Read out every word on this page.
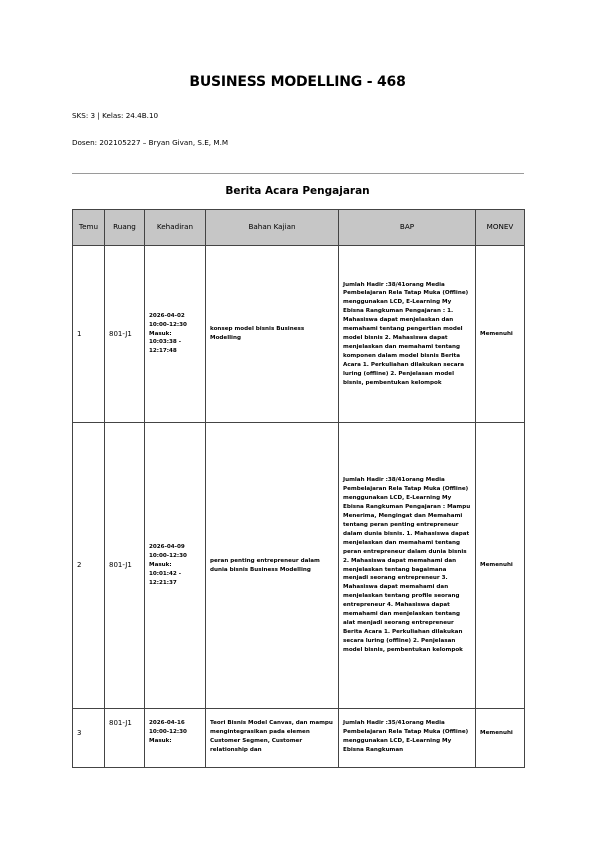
BUSINESS MODELLING - 468
SKS: 3 | Kelas: 24.4B.10
Dosen: 202105227 – Bryan Givan, S.E, M.M
Berita Acara Pengajaran
Temu	Ruang	Kehadiran	Bahan Kajian	BAP	MONEV
1	801-J1	2026-04-02 10:00-12:30 Masuk: 10:03:38 - 12:17:48	konsep model bisnis Business Modelling	Jumlah Hadir :38/41orang Media Pembelajaran Rela Tatap Muka (Offline) menggunakan LCD, E-Learning My Ebisna Rangkuman Pengajaran : 1. Mahasiswa dapat menjelaskan dan memahami tentang pengertian model model bisnis 2. Mahasiswa dapat menjelaskan dan memahami tentang komponen dalam model bisnis Berita Acara 1. Perkuliahan dilakukan secara luring (offline) 2. Penjelasan model bisnis, pembentukan kelompok	Memenuhi
2	801-J1	2026-04-09 10:00-12:30 Masuk: 10:01:42 - 12:21:37	peran penting entrepreneur dalam dunia bisnis Business Modelling	Jumlah Hadir :38/41orang Media Pembelajaran Rela Tatap Muka (Offline) menggunakan LCD, E-Learning My Ebisna Rangkuman Pengajaran : Mampu Menerima, Mengingat dan Memahami tentang peran penting entrepreneur dalam dunia bisnis. 1. Mahasiswa dapat menjelaskan dan memahami tentang peran entrepreneur dalam dunia bisnis 2. Mahasiswa dapat memahami dan menjelaskan tentang bagaimana menjadi seorang entrepreneur 3. Mahasiswa dapat memahami dan menjelaskan tentang profile seorang entrepreneur 4. Mahasiswa dapat memahami dan menjelaskan tentang alat menjadi seorang entrepreneur Berita Acara 1. Perkuliahan dilakukan secara luring (offline) 2. Penjelasan model bisnis, pembentukan kelompok	Memenuhi
3	801-J1	2026-04-16 10:00-12:30 Masuk:	Teori Bisnis Model Canvas, dan mampu mengintegrasikan pada elemen Customer Segmen, Customer relationship dan	Jumlah Hadir :35/41orang Media Pembelajaran Rela Tatap Muka (Offline) menggunakan LCD, E-Learning My Ebisna Rangkuman	Memenuhi
